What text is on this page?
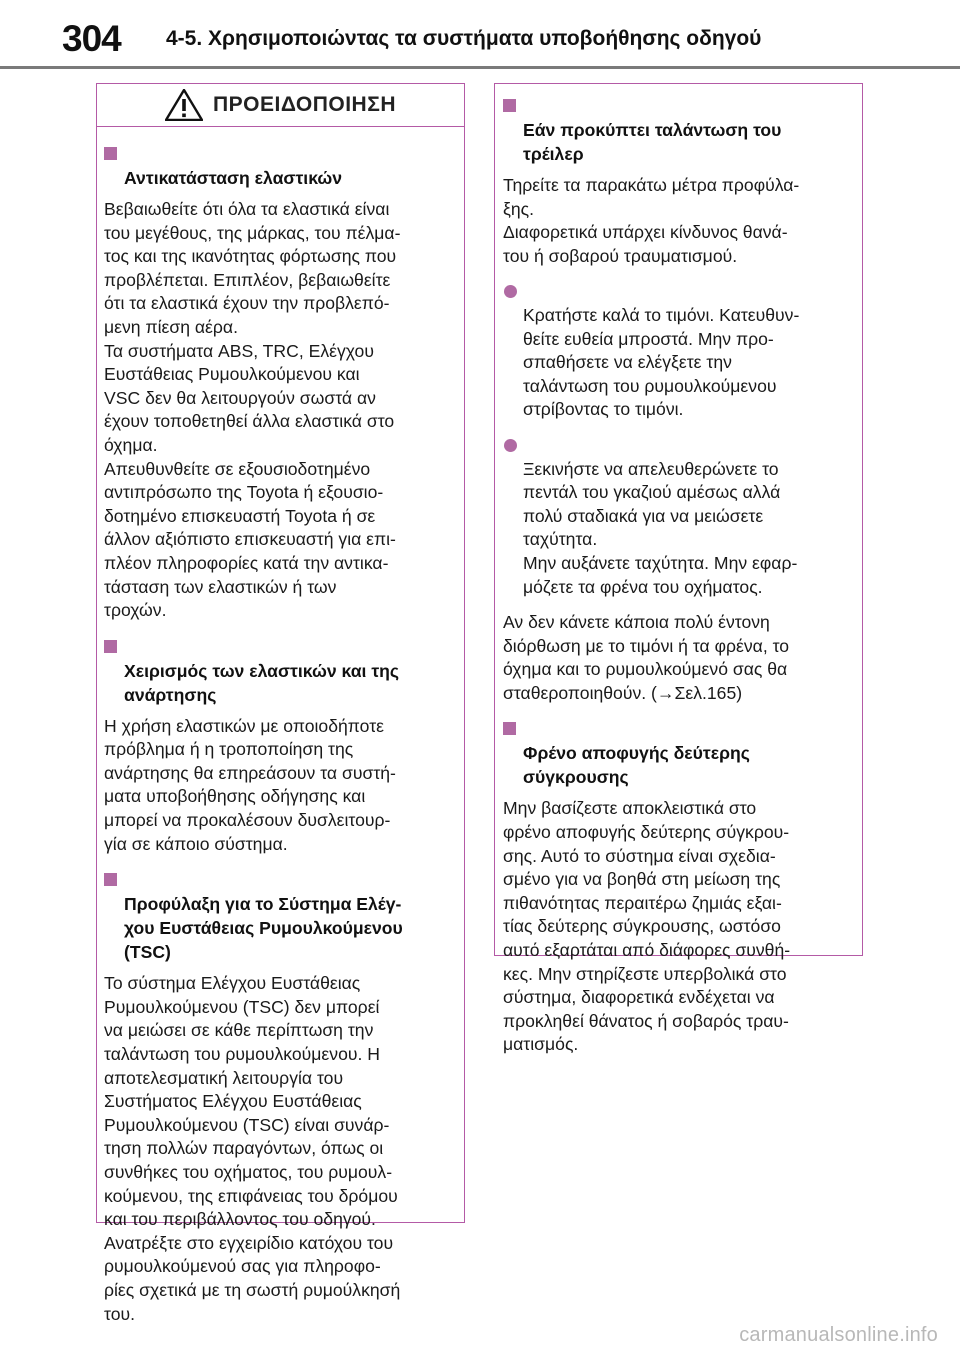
304 4-5. Χρησιμοποιώντας τα συστήματα υποβοήθησης οδηγού
ΠΡΟΕΙΔΟΠΟΙΗΣΗ

Αντικατάσταση ελαστικών

Βεβαιωθείτε ότι όλα τα ελαστικά είναι
του μεγέθους, της μάρκας, του πέλμα-
τος και της ικανότητας φόρτωσης που
προβλέπεται. Επιπλέον, βεβαιωθείτε
ότι τα ελαστικά έχουν την προβλεπό-
μενη πίεση αέρα.
Τα συστήματα ABS, TRC, Ελέγχου
Ευστάθειας Ρυμουλκούμενου και
VSC δεν θα λειτουργούν σωστά αν
έχουν τοποθετηθεί άλλα ελαστικά στο
όχημα.
Απευθυνθείτε σε εξουσιοδοτημένο
αντιπρόσωπο της Toyota ή εξουσιο-
δοτημένο επισκευαστή Toyota ή σε
άλλον αξιόπιστο επισκευαστή για επι-
πλέον πληροφορίες κατά την αντικα-
τάσταση των ελαστικών ή των
τροχών.

Χειρισμός των ελαστικών και της
ανάρτησης

Η χρήση ελαστικών με οποιοδήποτε
πρόβλημα ή η τροποποίηση της
ανάρτησης θα επηρεάσουν τα συστή-
ματα υποβοήθησης οδήγησης και
μπορεί να προκαλέσουν δυσλειτουρ-
γία σε κάποιο σύστημα.

Προφύλαξη για το Σύστημα Ελέγ-
χου Ευστάθειας Ρυμουλκούμενου
(TSC)

Το σύστημα Ελέγχου Ευστάθειας
Ρυμουλκούμενου (TSC) δεν μπορεί
να μειώσει σε κάθε περίπτωση την
ταλάντωση του ρυμουλκούμενου. Η
αποτελεσματική λειτουργία του
Συστήματος Ελέγχου Ευστάθειας
Ρυμουλκούμενου (TSC) είναι συνάρ-
τηση πολλών παραγόντων, όπως οι
συνθήκες του οχήματος, του ρυμουλ-
κούμενου, της επιφάνειας του δρόμου
και του περιβάλλοντος του οδηγού.
Ανατρέξτε στο εγχειρίδιο κατόχου του
ρυμουλκούμενού σας για πληροφο-
ρίες σχετικά με τη σωστή ρυμούλκησή
του.

Εάν προκύπτει ταλάντωση του
τρέιλερ

Τηρείτε τα παρακάτω μέτρα προφύλα-
ξης.
Διαφορετικά υπάρχει κίνδυνος θανά-
του ή σοβαρού τραυματισμού.

Κρατήστε καλά το τιμόνι. Κατευθυν-
θείτε ευθεία μπροστά. Μην προ-
σπαθήσετε να ελέγξετε την
ταλάντωση του ρυμουλκούμενου
στρίβοντας το τιμόνι.

Ξεκινήστε να απελευθερώνετε το
πεντάλ του γκαζιού αμέσως αλλά
πολύ σταδιακά για να μειώσετε
ταχύτητα.
Μην αυξάνετε ταχύτητα. Μην εφαρ-
μόζετε τα φρένα του οχήματος.

Αν δεν κάνετε κάποια πολύ έντονη
διόρθωση με το τιμόνι ή τα φρένα, το
όχημα και το ρυμουλκούμενό σας θα
σταθεροποιηθούν. (→Σελ.165)

Φρένο αποφυγής δεύτερης
σύγκρουσης

Μην βασίζεστε αποκλειστικά στο
φρένο αποφυγής δεύτερης σύγκρου-
σης. Αυτό το σύστημα είναι σχεδια-
σμένο για να βοηθά στη μείωση της
πιθανότητας περαιτέρω ζημιάς εξαι-
τίας δεύτερης σύγκρουσης, ωστόσο
αυτό εξαρτάται από διάφορες συνθή-
κες. Μην στηρίζεστε υπερβολικά στο
σύστημα, διαφορετικά ενδέχεται να
προκληθεί θάνατος ή σοβαρός τραυ-
ματισμός.
carmanualsonline.info
